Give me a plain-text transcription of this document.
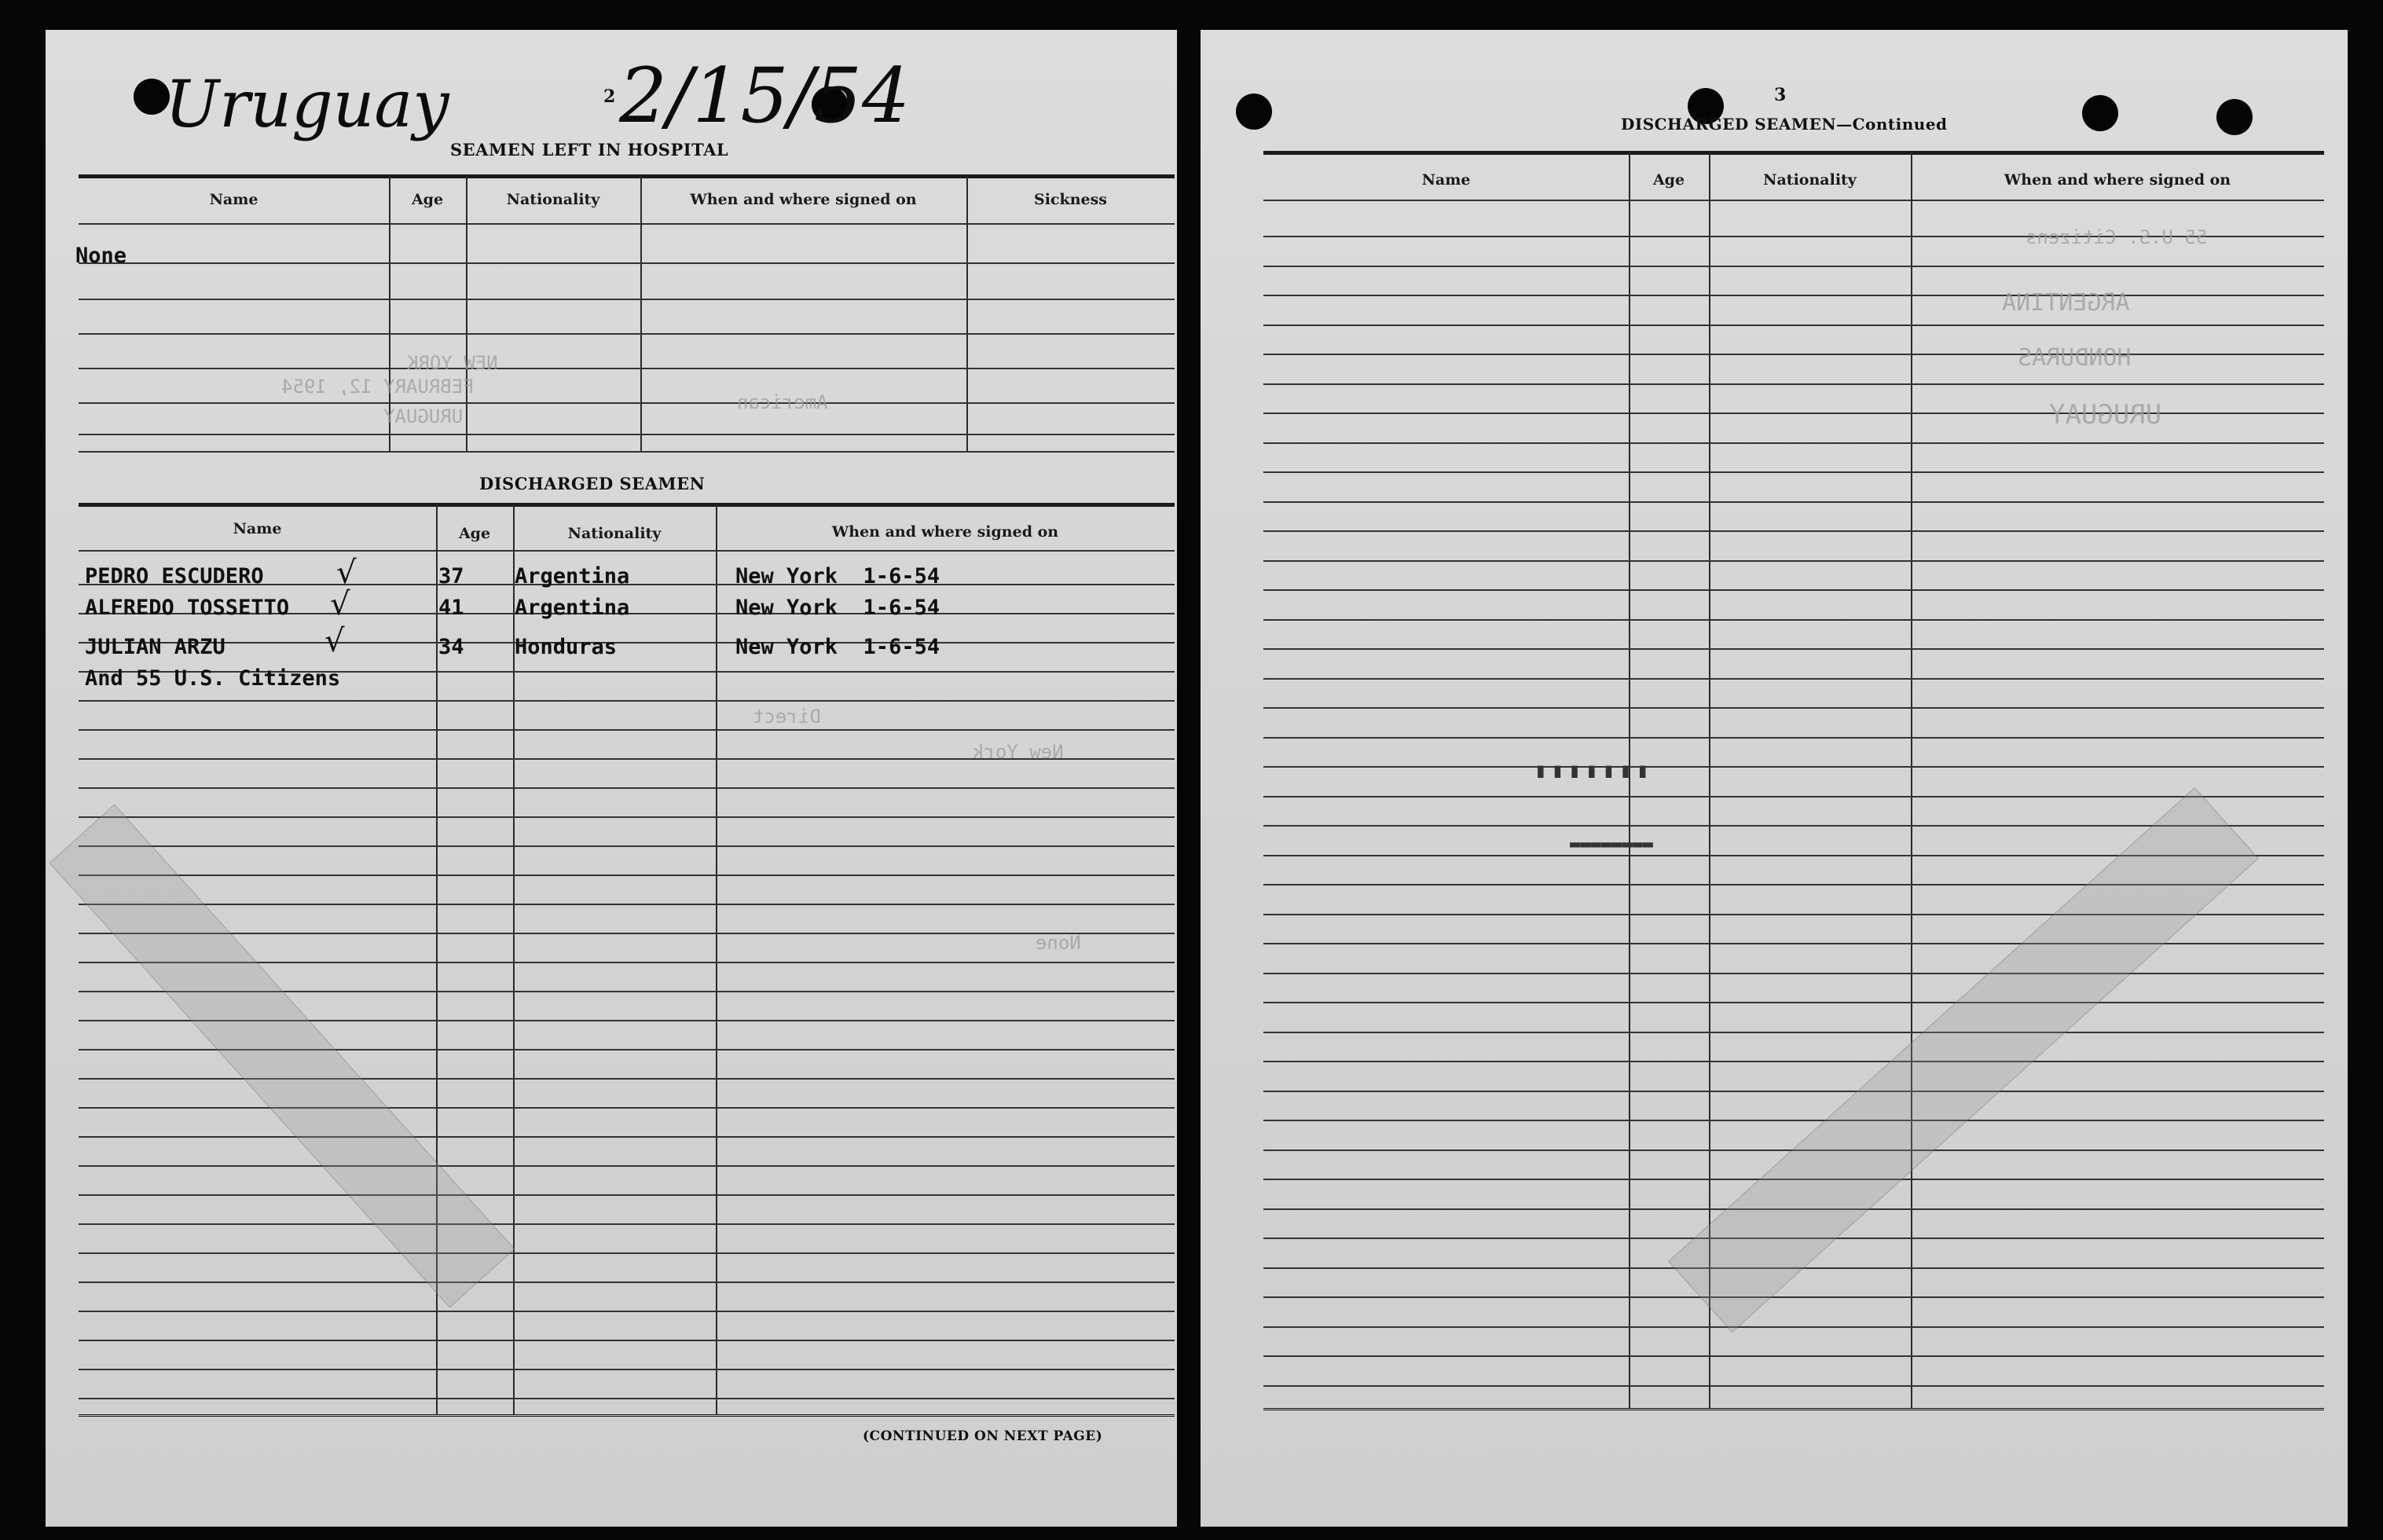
Uruguay	2 2/15/54
SEAMEN LEFT IN HOSPITAL
Name	Age	Nationality	When and where signed on	Sickness
None
DISCHARGED SEAMEN
Name	Age	Nationality	When and where signed on
PEDRO ESCUDERO	37 Argentina	New York  1-6-54
ALFREDO TOSSETTO	41 Argentina	New York  1-6-54
JULIAN ARZU	34 Honduras	New York  1-6-54
And 55 U.S. Citizens
√
√
√
NEW YORK
FEBRUARY 12, 1954
URUGUAY
American
Direct
New York
None
(CONTINUED ON NEXT PAGE)
3
DISCHARGED SEAMEN—Continued
Name	Age	Nationality	When and where signed on
55 U.S. Citizens
ARGENTINA
HONDURAS
URUGUAY
▮▮▮▮▮▮▮
▬▬▬▬▬▬▬▬
